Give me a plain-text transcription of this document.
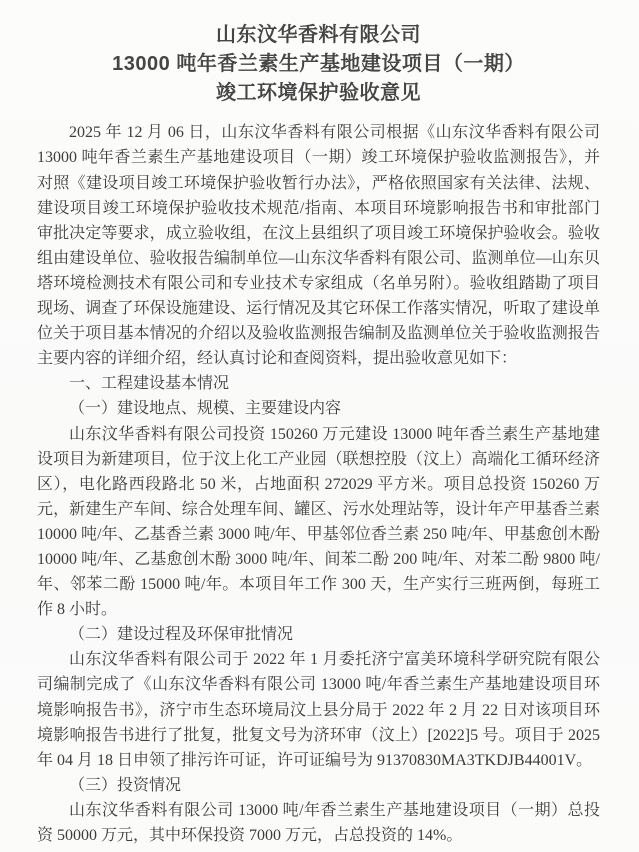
山东汶华香料有限公司
13000 吨年香兰素生产基地建设项目（一期）
竣工环境保护验收意见

2025 年 12 月 06 日，山东汶华香料有限公司根据《山东汶华香料有限公司 13000 吨年香兰素生产基地建设项目（一期）竣工环境保护验收监测报告》，并对照《建设项目竣工环境保护验收暂行办法》，严格依照国家有关法律、法规、建设项目竣工环境保护验收技术规范/指南、本项目环境影响报告书和审批部门审批决定等要求，成立验收组，在汶上县组织了项目竣工环境保护验收会。验收组由建设单位、验收报告编制单位—山东汶华香料有限公司、监测单位—山东贝塔环境检测技术有限公司和专业技术专家组成（名单另附）。验收组踏勘了项目现场、调查了环保设施建设、运行情况及其它环保工作落实情况，听取了建设单位关于项目基本情况的介绍以及验收监测报告编制及监测单位关于验收监测报告主要内容的详细介绍，经认真讨论和查阅资料，提出验收意见如下：

一、工程建设基本情况

（一）建设地点、规模、主要建设内容

山东汶华香料有限公司投资 150260 万元建设 13000 吨年香兰素生产基地建设项目为新建项目，位于汶上化工产业园（联想控股（汶上）高端化工循环经济区），电化路西段路北 50 米，占地面积 272029 平方米。项目总投资 150260 万元，新建生产车间、综合处理车间、罐区、污水处理站等，设计年产甲基香兰素 10000 吨/年、乙基香兰素 3000 吨/年、甲基邻位香兰素 250 吨/年、甲基愈创木酚 10000 吨/年、乙基愈创木酚 3000 吨/年、间苯二酚 200 吨/年、对苯二酚 9800 吨/年、邻苯二酚 15000 吨/年。本项目年工作 300 天，生产实行三班两倒，每班工作 8 小时。

（二）建设过程及环保审批情况

山东汶华香料有限公司于 2022 年 1 月委托济宁富美环境科学研究院有限公司编制完成了《山东汶华香料有限公司 13000 吨/年香兰素生产基地建设项目环境影响报告书》，济宁市生态环境局汶上县分局于 2022 年 2 月 22 日对该项目环境影响报告书进行了批复，批复文号为济环审（汶上）[2022]5 号。项目于 2025 年 04 月 18 日申领了排污许可证，许可证编号为 91370830MA3TKDJB44001V。

（三）投资情况

山东汶华香料有限公司 13000 吨/年香兰素生产基地建设项目（一期）总投资 50000 万元，其中环保投资 7000 万元，占总投资的 14%。
